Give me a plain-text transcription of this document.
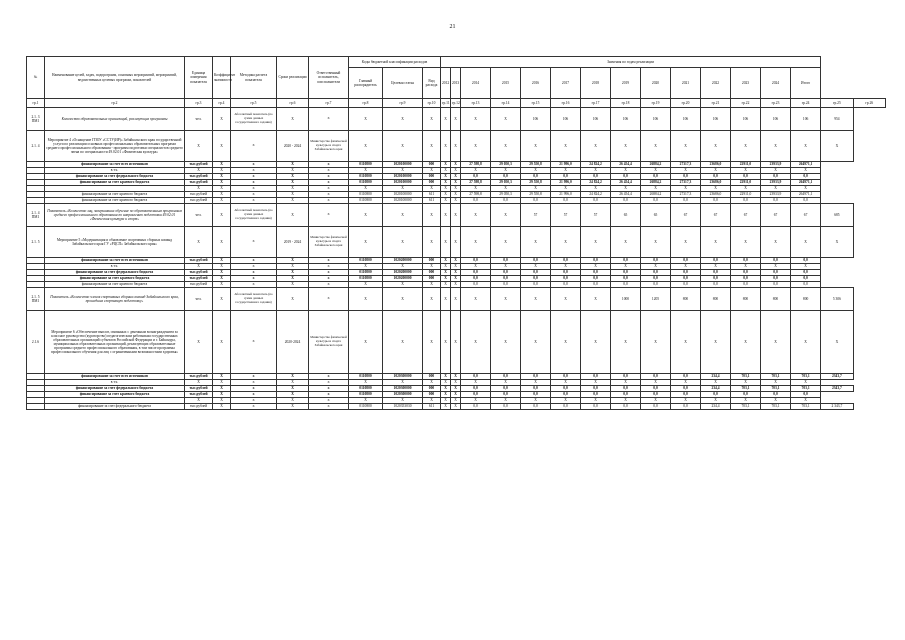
21
№	Наименование целей, задач, подпрограмм, основных мероприятий, мероприятий, ведомственных целевых программ, показателей	Единица измерения показателя	Коэффициент значимости	Методика расчета показателя	Сроки реализации	Ответственный исполнитель, соисполнители	Коды бюджетной классификации расходов			Значения по годам реализации															
							Главный распорядитель	Целевая статья	Вид расхода	2012	2013	2014	2015	2016	2017	2018	2019	2020	2021	2022	2023	2024	Итого		
гр.1	гр.2	гр.3	гр.4	гр.5	гр.6	гр.7	гр.8	гр.9	гр.10	гр.11	гр.12	гр.13	гр.14	гр.15	гр.16	гр.17	гр.18	гр.19	гр.20	гр.21	гр.22	гр.23	гр.24	гр.25	гр.26
2.1. 3 ПМ1	Количество образовательных организаций, реализующих программы	чел.	X	Абсолютный показатель (по сумме данных государственного задания)	X	X	X	X	X	X	X	X	X	106	106	106	106	106	106	106	106	106	106	954	
2.1. 4	Мероприятие 4 «Оснащение ГПОУ «ССТУ(ИР)» Забайкальского края государственной услуги по реализации основных профессиональных образовательных программ среднего профессионального образования - программ подготовки специалистов среднего звена по специальности 49.02.01 «Физическая культура»	X	X	X	2020 - 2024	Министерство физической культуры и спорта Забайкальского края	X	X	X	X	X	X	X	X	X	X	X	X	X	X	X	X	X	X	
	финансирование за счет всех источников	тыс.рублей	X	X	X	X	0110800	1020100000	000	X	X	27 598,8	29 050,3	29 550,8	21 996,0	24 824,2	26 454,4	26884,2	27317,3	23686,0	22911,0	23933,9	264971,1		
	в т.ч.	X	X	X	X	X	X	X	X	X	X	X	X	X	X	X	X	X	X	X	X	X	X		
	финансирование за счет федерального бюджета	тыс.рублей	X	X	X	X	0110800	1020100000	000	X	X	0,0	0,0	0,0	0,0	0,0	0,0	0,0	0,0	0,0	0,0	0,0	0,0		
	финансирование за счет краевого бюджета	тыс.рублей	X	X	X	X	0110800	1020100000	000	X	X	27 598,8	29 050,3	29 550,8	21 996,0	24 824,2	26 454,4	26884,2	27317,3	23686,0	22911,0	23933,9	264971,1		
		X	X	X	X	X	X	X	X	X	X	X	X	X	X	X	X	X	X	X	X	X	X		
	финансирование за счет краевого бюджета	тыс.рублей	X	X	X	X	0110800	1020100000	611	X	X	27 598,8	29 050,3	29 550,8	21 996,0	24 824,2	26 454,4	26884,2	27317,3	23686,0	22911,0	23933,9	264971,1		
	финансирование за счет краевого бюджета	тыс.рублей	X	X	X	X	0110800	1020100000	611	X	X	0,0	0,0	0,0	0,0	0,0	0,0	0,0	0,0	0,0	0,0	0,0	0,0		
2.1. 4 ПМ1	Показатель «Количество лиц, завершивших обучение по образовательным программам среднего профессионального образования по направлению подготовки 49.02.01 «Физическая культура и спорт»	чел.	X	Абсолютный показатель (по сумме данных государственного задания)	X	X	X	X	X	X	X	X	X	57	57	57	65	65	67	67	67	67	67	685	
2.1. 5	Мероприятие 5 «Модернизация и обновление спортивных сборных команд Забайкальского края ГУ «РЦСП» Забайкальского края»	X	X	X	2019 - 2024	Министерство физической культуры и спорта Забайкальского края	X	X	X	X	X	X	X	X	X	X	X	X	X	X	X	X	X	X	
	финансирование за счет всех источников	тыс.рублей	X	X	X	X	0110800	1020200000	000	X	X	0,0	0,0	0,0	0,0	0,0	0,0	0,0	0,0	0,0	0,0	0,0	0,0		
	в т.ч.	X	X	X	X	X	X	X	X	X	X	X	X	X	X	X	X	X	X	X	X	X	X		
	финансирование за счет федерального бюджета	тыс.рублей	X	X	X	X	0110800	1020200000	000	X	X	0,0	0,0	0,0	0,0	0,0	0,0	0,0	0,0	0,0	0,0	0,0	0,0		
	финансирование за счет краевого бюджета	тыс.рублей	X	X	X	X	0110800	1020200000	000	X	X	0,0	0,0	0,0	0,0	0,0	0,0	0,0	0,0	0,0	0,0	0,0	0,0		
	финансирование за счет краевого бюджета	тыс.рублей	X	X	X	X	X	X	X	X	X	0,0	0,0	0,0	0,0	0,0	0,0	0,0	0,0	0,0	0,0	0,0	0,0		
2.1. 5 ПМ1	Показатель «Количество членов спортивных сборных команд Забайкальского края, прошедших спортивную подготовку»	чел.	X	Абсолютный показатель (по сумме данных государственного задания)	X	X	X	X	X	X	X	X	X	X	X	X	1000	1205	800	800	800	800	800	5 306	
2.1.6	Мероприятие 6 «Обеспечение выплат, связанных с денежным вознаграждением за классное руководство (кураторство) педагогическим работникам государственных образовательных организаций субъектов Российской Федерации и г. Байконура, муниципальных образовательных организаций, реализующих образовательные программы среднего профессионального образования, в том числе программы профессионального обучения для лиц с ограниченными возможностями здоровья»	X	X	X	2020-2024	Министерство физической культуры и спорта Забайкальского края	X	X	X	X	X	X	X	X	X	X	X	X	X	X	X	X	X	X	
	финансирование за счет всех источников	тыс.рублей	X	X	X	X	0110800	1020300000	000	X	X	0,0	0,0	0,0	0,0	0,0	0,0	0,0	0,0	234,4	703,1	703,1	703,1	2343,7	
	в т.ч.	X	X	X	X	X	X	X	X	X	X	X	X	X	X	X	X	X	X	X	X	X	X		
	финансирование за счет федерального бюджета	тыс.рублей	X	X	X	X	0110800	1020300000	000	X	X	0,0	0,0	0,0	0,0	0,0	0,0	0,0	0,0	234,4	703,1	703,1	703,1	2343,7	
	финансирование за счет краевого бюджета	тыс.рублей	X	X	X	X	0110800	1020300000	000	X	X	0,0	0,0	0,0	0,0	0,0	0,0	0,0	0,0	0,0	0,0	0,0	0,0		
		X	X	X	X	X	X	X	X	X	X	X	X	X	X	X	X	X	X	X	X	X	X		
	финансирование за счет федерального бюджета	тыс.рублей	X	X	X	X	0110800	1020353030	611	X	X	0,0	0,0	0,0	0,0	0,0	0,0	0,0	0,0	234,4	703,1	703,1	703,1	2 343,7	
